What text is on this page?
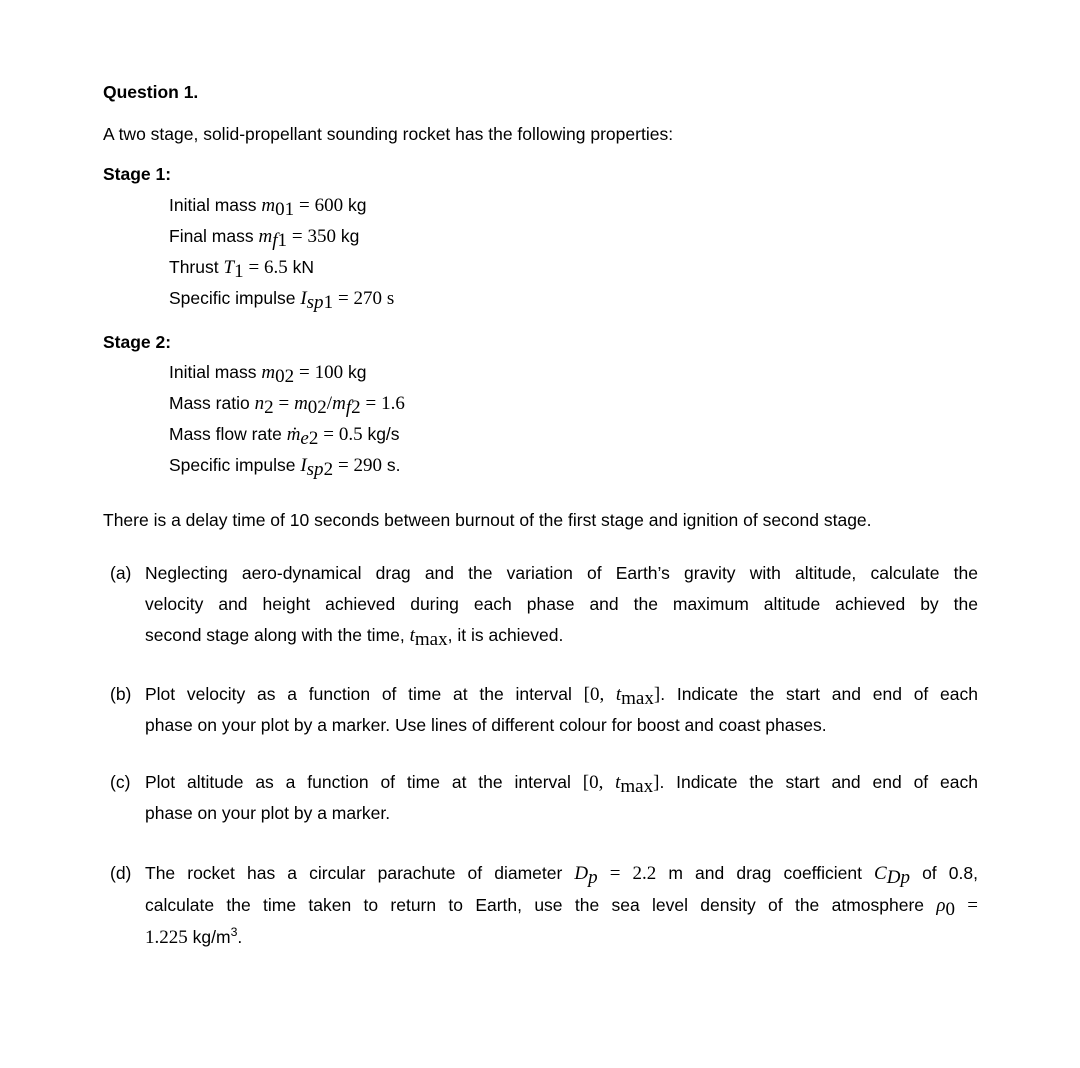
Question 1.
A two stage, solid-propellant sounding rocket has the following properties:
Stage 1:
Initial mass $m_{01} = 600$ kg
Final mass $m_{f1} = 350$ kg
Thrust $T_1 = 6.5$ kN
Specific impulse $I_{sp1} = 270$ s
Stage 2:
Initial mass $m_{02} = 100$ kg
Mass ratio $n_2 = m_{02}/m_{f2} = 1.6$
Mass flow rate ṁ$_{e2}$ = 0.5 kg/s
Specific impulse $I_{sp2} = 290$ s.
There is a delay time of 10 seconds between burnout of the first stage and ignition of second stage.
(a) Neglecting aero-dynamical drag and the variation of Earth’s gravity with altitude, calculate the
velocity and height achieved during each phase and the maximum altitude achieved by the
second stage along with the time, $t_{max}$, it is achieved.
(b) Plot velocity as a function of time at the interval [0, $t_{max}$]. Indicate the start and end of each
phase on your plot by a marker. Use lines of different colour for boost and coast phases.
(c) Plot altitude as a function of time at the interval [0, $t_{max}$]. Indicate the start and end of each
phase on your plot by a marker.
(d) The rocket has a circular parachute of diameter $D_p = 2.2$ m and drag coefficient $C_{Dp}$ of 0.8,
calculate the time taken to return to Earth, use the sea level density of the atmosphere $\rho_0$ =
1.225 $kg/m^3$.
